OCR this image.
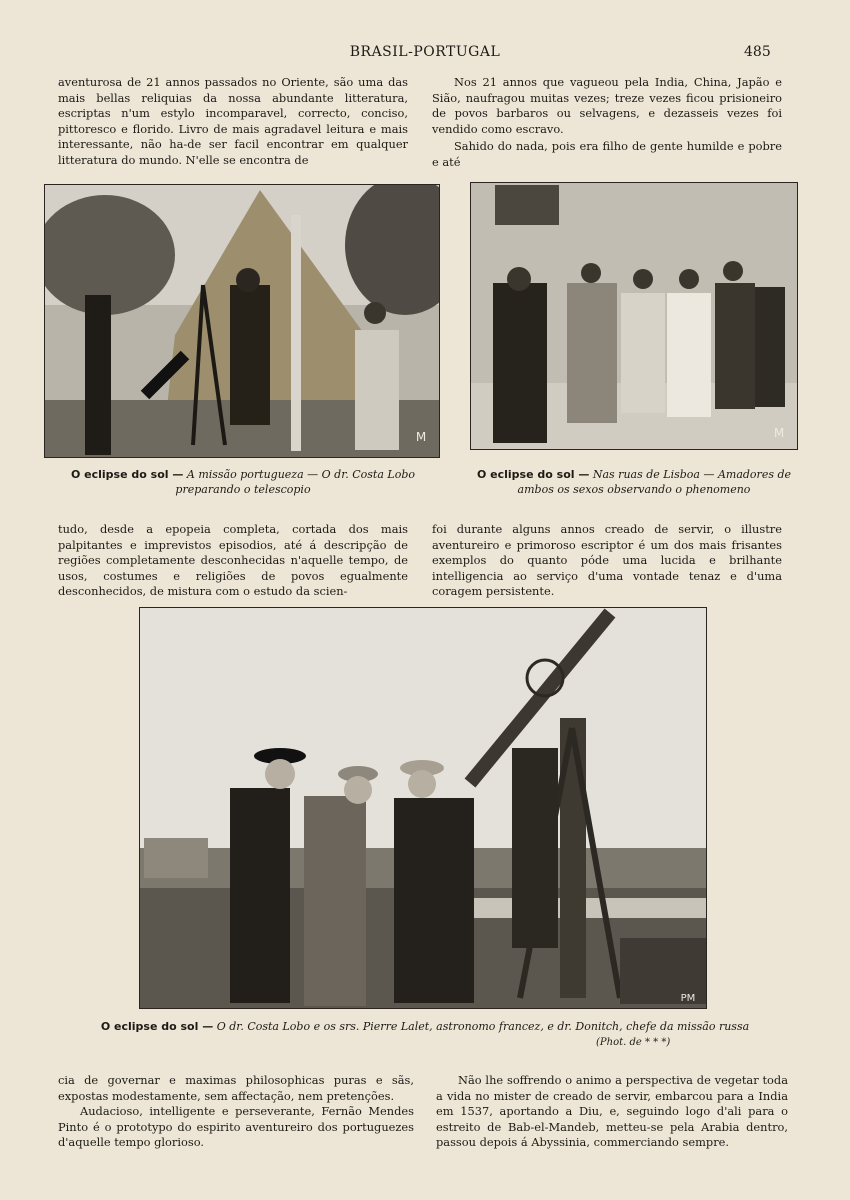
BRASIL-PORTUGAL	485

aventurosa de 21 annos passados no Oriente, são uma das mais bellas reliquias da nossa abundante litteratura, escriptas n'um estylo incomparavel, correcto, conciso, pittoresco e florido. Livro de mais agradavel leitura e mais interessante, não ha-de ser facil encontrar em qualquer litteratura do mundo. N'elle se encontra de

Nos 21 annos que vagueou pela India, China, Japão e Sião, naufragou muitas vezes; treze vezes ficou prisioneiro de povos barbaros ou selvagens, e dezasseis vezes foi vendido como escravo.

Sahido do nada, pois era filho de gente humilde e pobre e até

M
O eclipse do sol — A missão portugueza — O dr. Costa Lobo preparando o telescopio
M
O eclipse do sol — Nas ruas de Lisboa — Amadores de ambos os sexos observando o phenomeno

tudo, desde a epopeia completa, cortada dos mais palpitantes e imprevistos episodios, até á descripção de regiões completamente desconhecidas n'aquelle tempo, de usos, costumes e religiões de povos egualmente desconhecidos, de mistura com o estudo da scien-

foi durante alguns annos creado de servir, o illustre aventureiro e primoroso escriptor é um dos mais frisantes exemplos do quanto póde uma lucida e brilhante intelligencia ao serviço d'uma vontade tenaz e d'uma coragem persistente.

PM
O eclipse do sol — O dr. Costa Lobo e os srs. Pierre Lalet, astronomo francez, e dr. Donitch, chefe da missão russa
(Phot. de * * *)

cia de governar e maximas philosophicas puras e sãs, expostas modestamente, sem affectação, nem pretenções.

Audacioso, intelligente e perseverante, Fernão Mendes Pinto é o prototypo do espirito aventureiro dos portuguezes d'aquelle tempo glorioso.

Não lhe soffrendo o animo a perspectiva de vegetar toda a vida no mister de creado de servir, embarcou para a India em 1537, aportando a Diu, e, seguindo logo d'ali para o estreito de Bab-el-Mandeb, metteu-se pela Arabia dentro, passou depois á Abyssinia, commerciando sempre.
